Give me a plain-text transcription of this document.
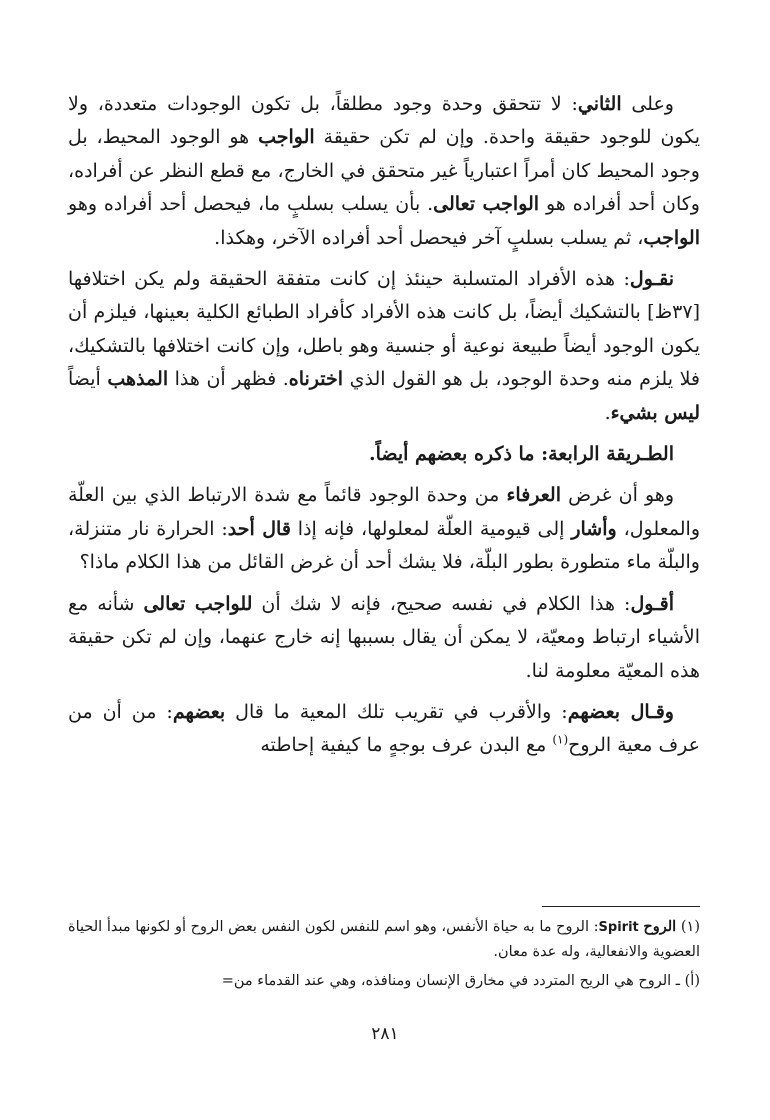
وعلى الثاني: لا تتحقق وحدة وجود مطلقاً، بل تكون الوجودات متعددة، ولا يكون للوجود حقيقة واحدة. وإن لم تكن حقيقة الواجب هو الوجود المحيط، بل وجود المحيط كان أمراً اعتبارياً غير متحقق في الخارج، مع قطع النظر عن أفراده، وكان أحد أفراده هو الواجب تعالى. بأن يسلب بسلبٍ ما، فيحصل أحد أفراده وهو الواجب، ثم يسلب بسلبٍ آخر فيحصل أحد أفراده الآخر، وهكذا.

نقـول: هذه الأفراد المتسلبة حينئذ إن كانت متفقة الحقيقة ولم يكن اختلافها [٣٧ظ] بالتشكيك أيضاً، بل كانت هذه الأفراد كأفراد الطبائع الكلية بعينها، فيلزم أن يكون الوجود أيضاً طبيعة نوعية أو جنسية وهو باطل، وإن كانت اختلافها بالتشكيك، فلا يلزم منه وحدة الوجود، بل هو القول الذي اخترناه. فظهر أن هذا المذهب أيضاً ليس بشيء.

الطـريقة الرابعة: ما ذكره بعضهم أيضاً.

وهو أن غرض العرفاء من وحدة الوجود قائماً مع شدة الارتباط الذي بين العلّة والمعلول، وأشار إلى قيومية العلّة لمعلولها، فإنه إذا قال أحد: الحرارة نار متنزلة، والبلّة ماء متطورة بطور البلّة، فلا يشك أحد أن غرض القائل من هذا الكلام ماذا؟

أقـول: هذا الكلام في نفسه صحيح، فإنه لا شك أن للواجب تعالى شأنه مع الأشياء ارتباط ومعيّة، لا يمكن أن يقال بسببها إنه خارج عنهما، وإن لم تكن حقيقة هذه المعيّة معلومة لنا.

وقـال بعضهم: والأقرب في تقريب تلك المعية ما قال بعضهم: من أن من عرف معية الروح$^{(١)}$ مع البدن عرف بوجهٍ ما كيفية إحاطته

(١) الروح Spirit: الروح ما به حياة الأنفس، وهو اسم للنفس لكون النفس بعض الروح أو لكونها مبدأ الحياة العضوية والانفعالية، وله عدة معان.

(أ) ـ الروح هي الريح المتردد في مخارق الإنسان ومنافذه، وهي عند القدماء من=

٢٨١
